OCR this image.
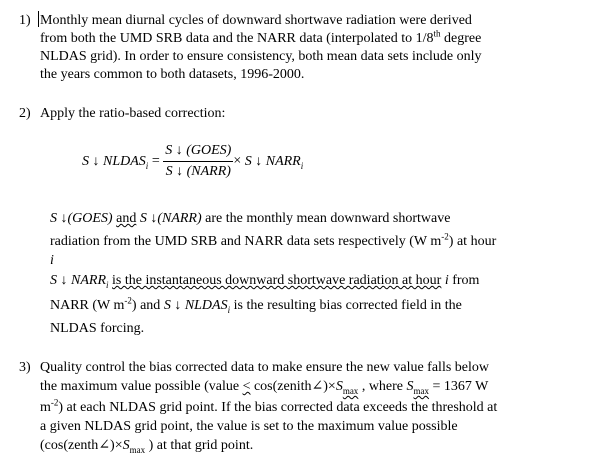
1) Monthly mean diurnal cycles of downward shortwave radiation were derived
from both the UMD SRB data and the NARR data (interpolated to 1/8th degree
NLDAS grid). In order to ensure consistency, both mean data sets include only
the years common to both datasets, 1996-2000.
2) Apply the ratio-based correction:
S ↓ $NLDAS_i = \frac{\text{S ↓ (GOES)}}{\text{S ↓ (NARR)}} \times S$ ↓ $NARR_i$
S ↓(GOES) and S ↓(NARR) are the monthly mean downward shortwave
radiation from the UMD SRB and NARR data sets respectively (W $m^{-2}$) at hour
i
S ↓ $NARR_i$ is the instantaneous downward shortwave radiation at hour i from
NARR (W $m^{-2}$) and S ↓ $NLDAS_i$ is the resulting bias corrected field in the
NLDAS forcing.
3) Quality control the bias corrected data to make ensure the new value falls below
the maximum value possible (value < $\cos(zenith\angle)\times S_{max}$ , where $S_{max} = 1367$ W
$m^{-2}$) at each NLDAS grid point. If the bias corrected data exceeds the threshold at
a given NLDAS grid point, the value is set to the maximum value possible
($\cos(zenth\angle)\times S_{max}$ ) at that grid point.
